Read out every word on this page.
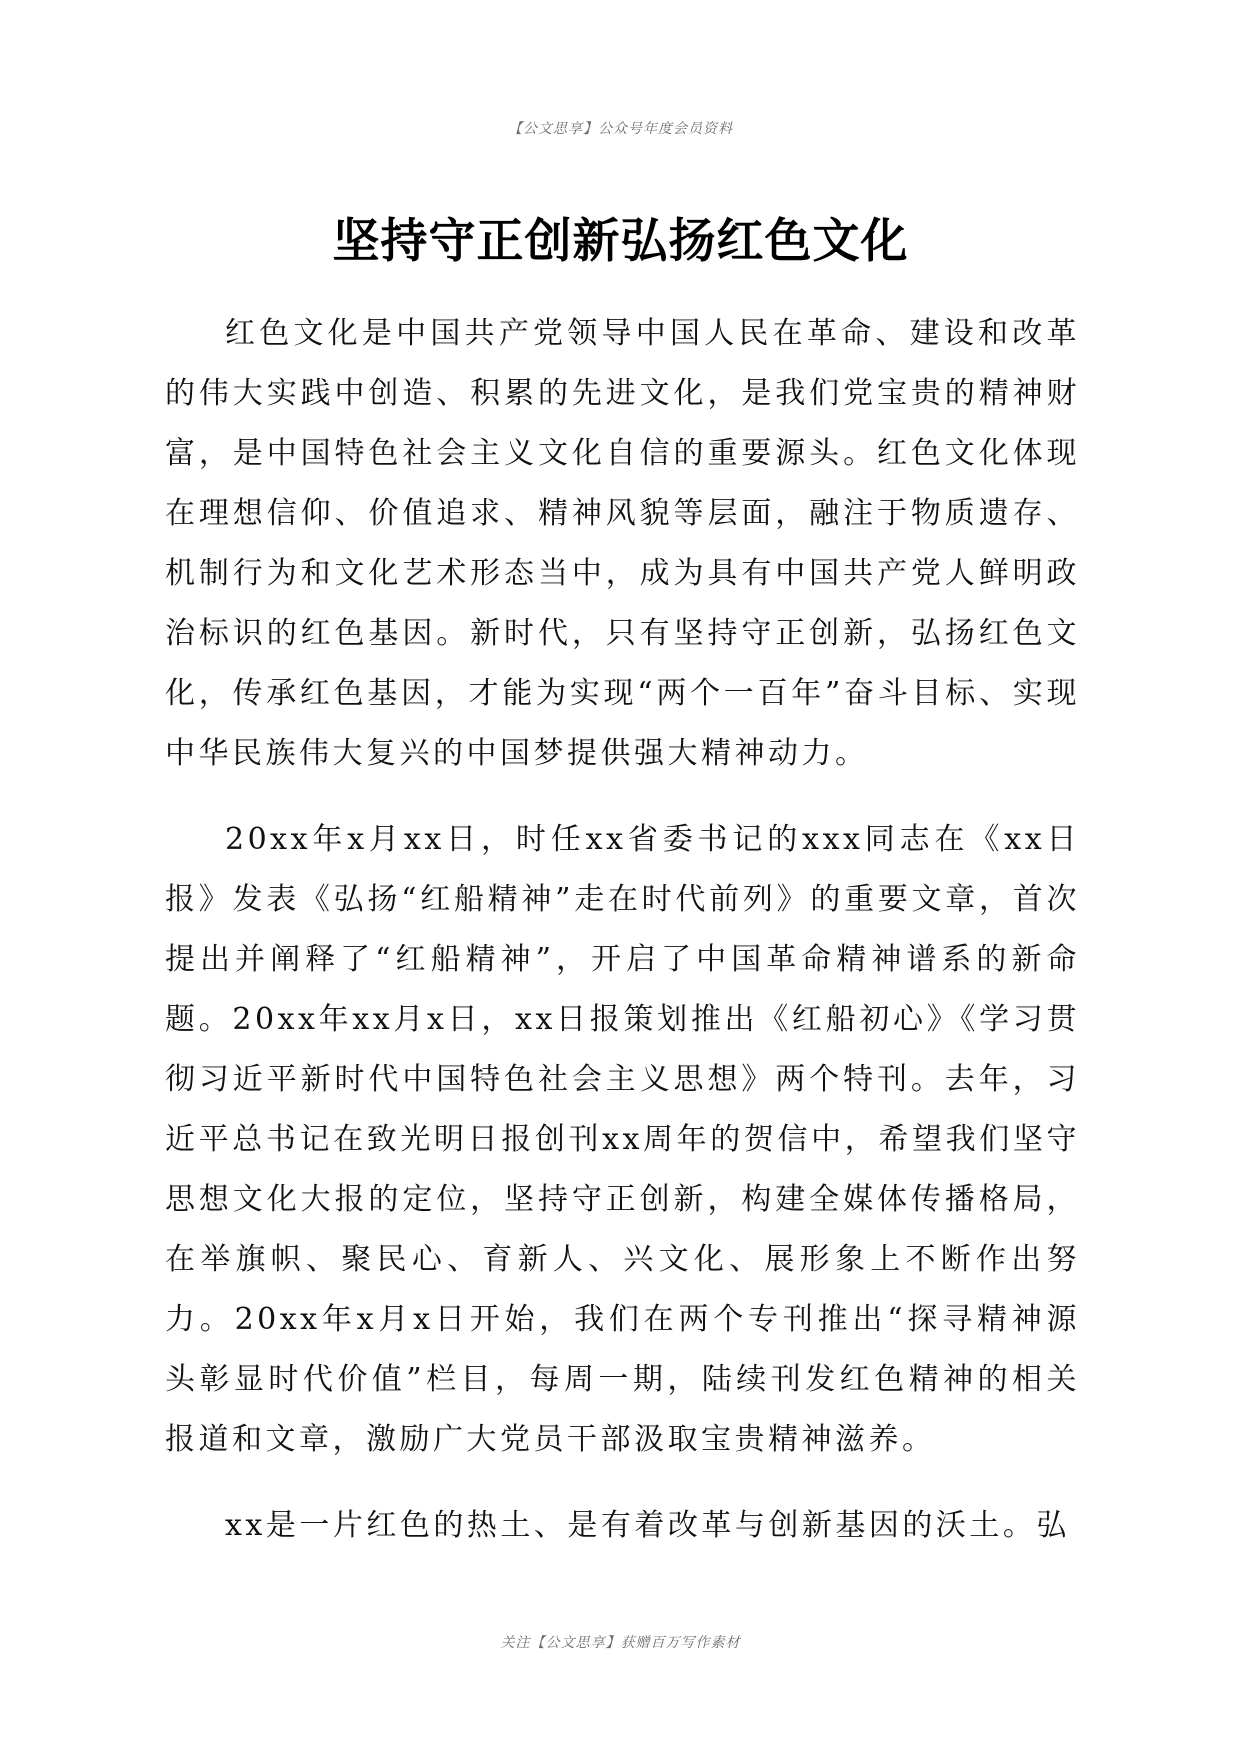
【公文思享】公众号年度会员资料
坚持守正创新弘扬红色文化

红色文化是中国共产党领导中国人民在革命、建设和改革的伟大实践中创造、积累的先进文化，是我们党宝贵的精神财富，是中国特色社会主义文化自信的重要源头。红色文化体现在理想信仰、价值追求、精神风貌等层面，融注于物质遗存、机制行为和文化艺术形态当中，成为具有中国共产党人鲜明政治标识的红色基因。新时代，只有坚持守正创新，弘扬红色文化，传承红色基因，才能为实现“两个一百年”奋斗目标、实现中华民族伟大复兴的中国梦提供强大精神动力。

20xx年x月xx日，时任xx省委书记的xxx同志在《xx日报》发表《弘扬“红船精神”走在时代前列》的重要文章，首次提出并阐释了“红船精神”，开启了中国革命精神谱系的新命题。20xx年xx月x日，xx日报策划推出《红船初心》《学习贯彻习近平新时代中国特色社会主义思想》两个特刊。去年，习近平总书记在致光明日报创刊xx周年的贺信中，希望我们坚守思想文化大报的定位，坚持守正创新，构建全媒体传播格局，在举旗帜、聚民心、育新人、兴文化、展形象上不断作出努力。20xx年x月x日开始，我们在两个专刊推出“探寻精神源头彰显时代价值”栏目，每周一期，陆续刊发红色精神的相关报道和文章，激励广大党员干部汲取宝贵精神滋养。

xx是一片红色的热土、是有着改革与创新基因的沃土。弘

关注【公文思享】获赠百万写作素材
